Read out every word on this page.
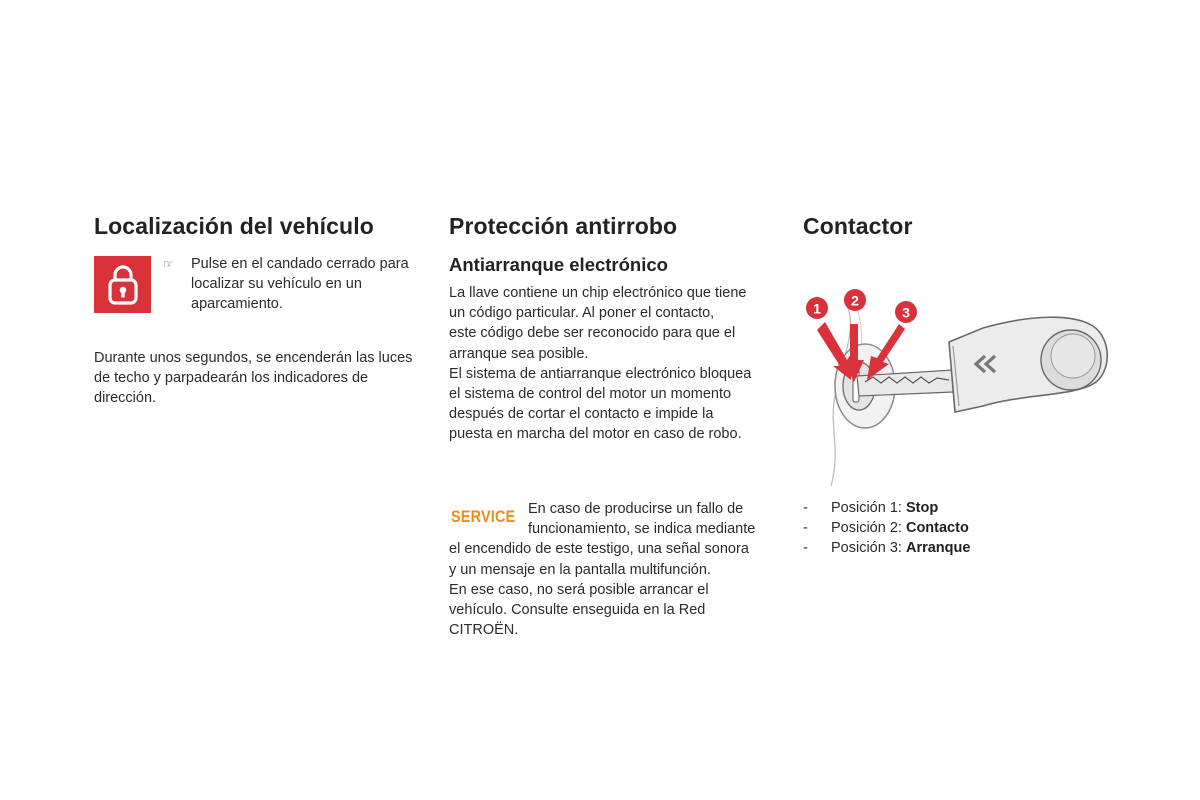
Localización del vehículo
☞ Pulse en el candado cerrado para localizar su vehículo en un aparcamiento.
Durante unos segundos, se encenderán las luces de techo y parpadearán los indicadores de dirección.
Protección antirrobo
Antiarranque electrónico
La llave contiene un chip electrónico que tiene
un código particular. Al poner el contacto,
este código debe ser reconocido para que el
arranque sea posible.
El sistema de antiarranque electrónico bloquea
el sistema de control del motor un momento
después de cortar el contacto e impide la
puesta en marcha del motor en caso de robo.
SERVICE En caso de producirse un fallo de
funcionamiento, se indica mediante
el encendido de este testigo, una señal sonora
y un mensaje en la pantalla multifunción.
En ese caso, no será posible arrancar el
vehículo. Consulte enseguida en la Red
CITROËN.
Contactor
1 2
3
- Posición 1: Stop
- Posición 2: Contacto
- Posición 3: Arranque
